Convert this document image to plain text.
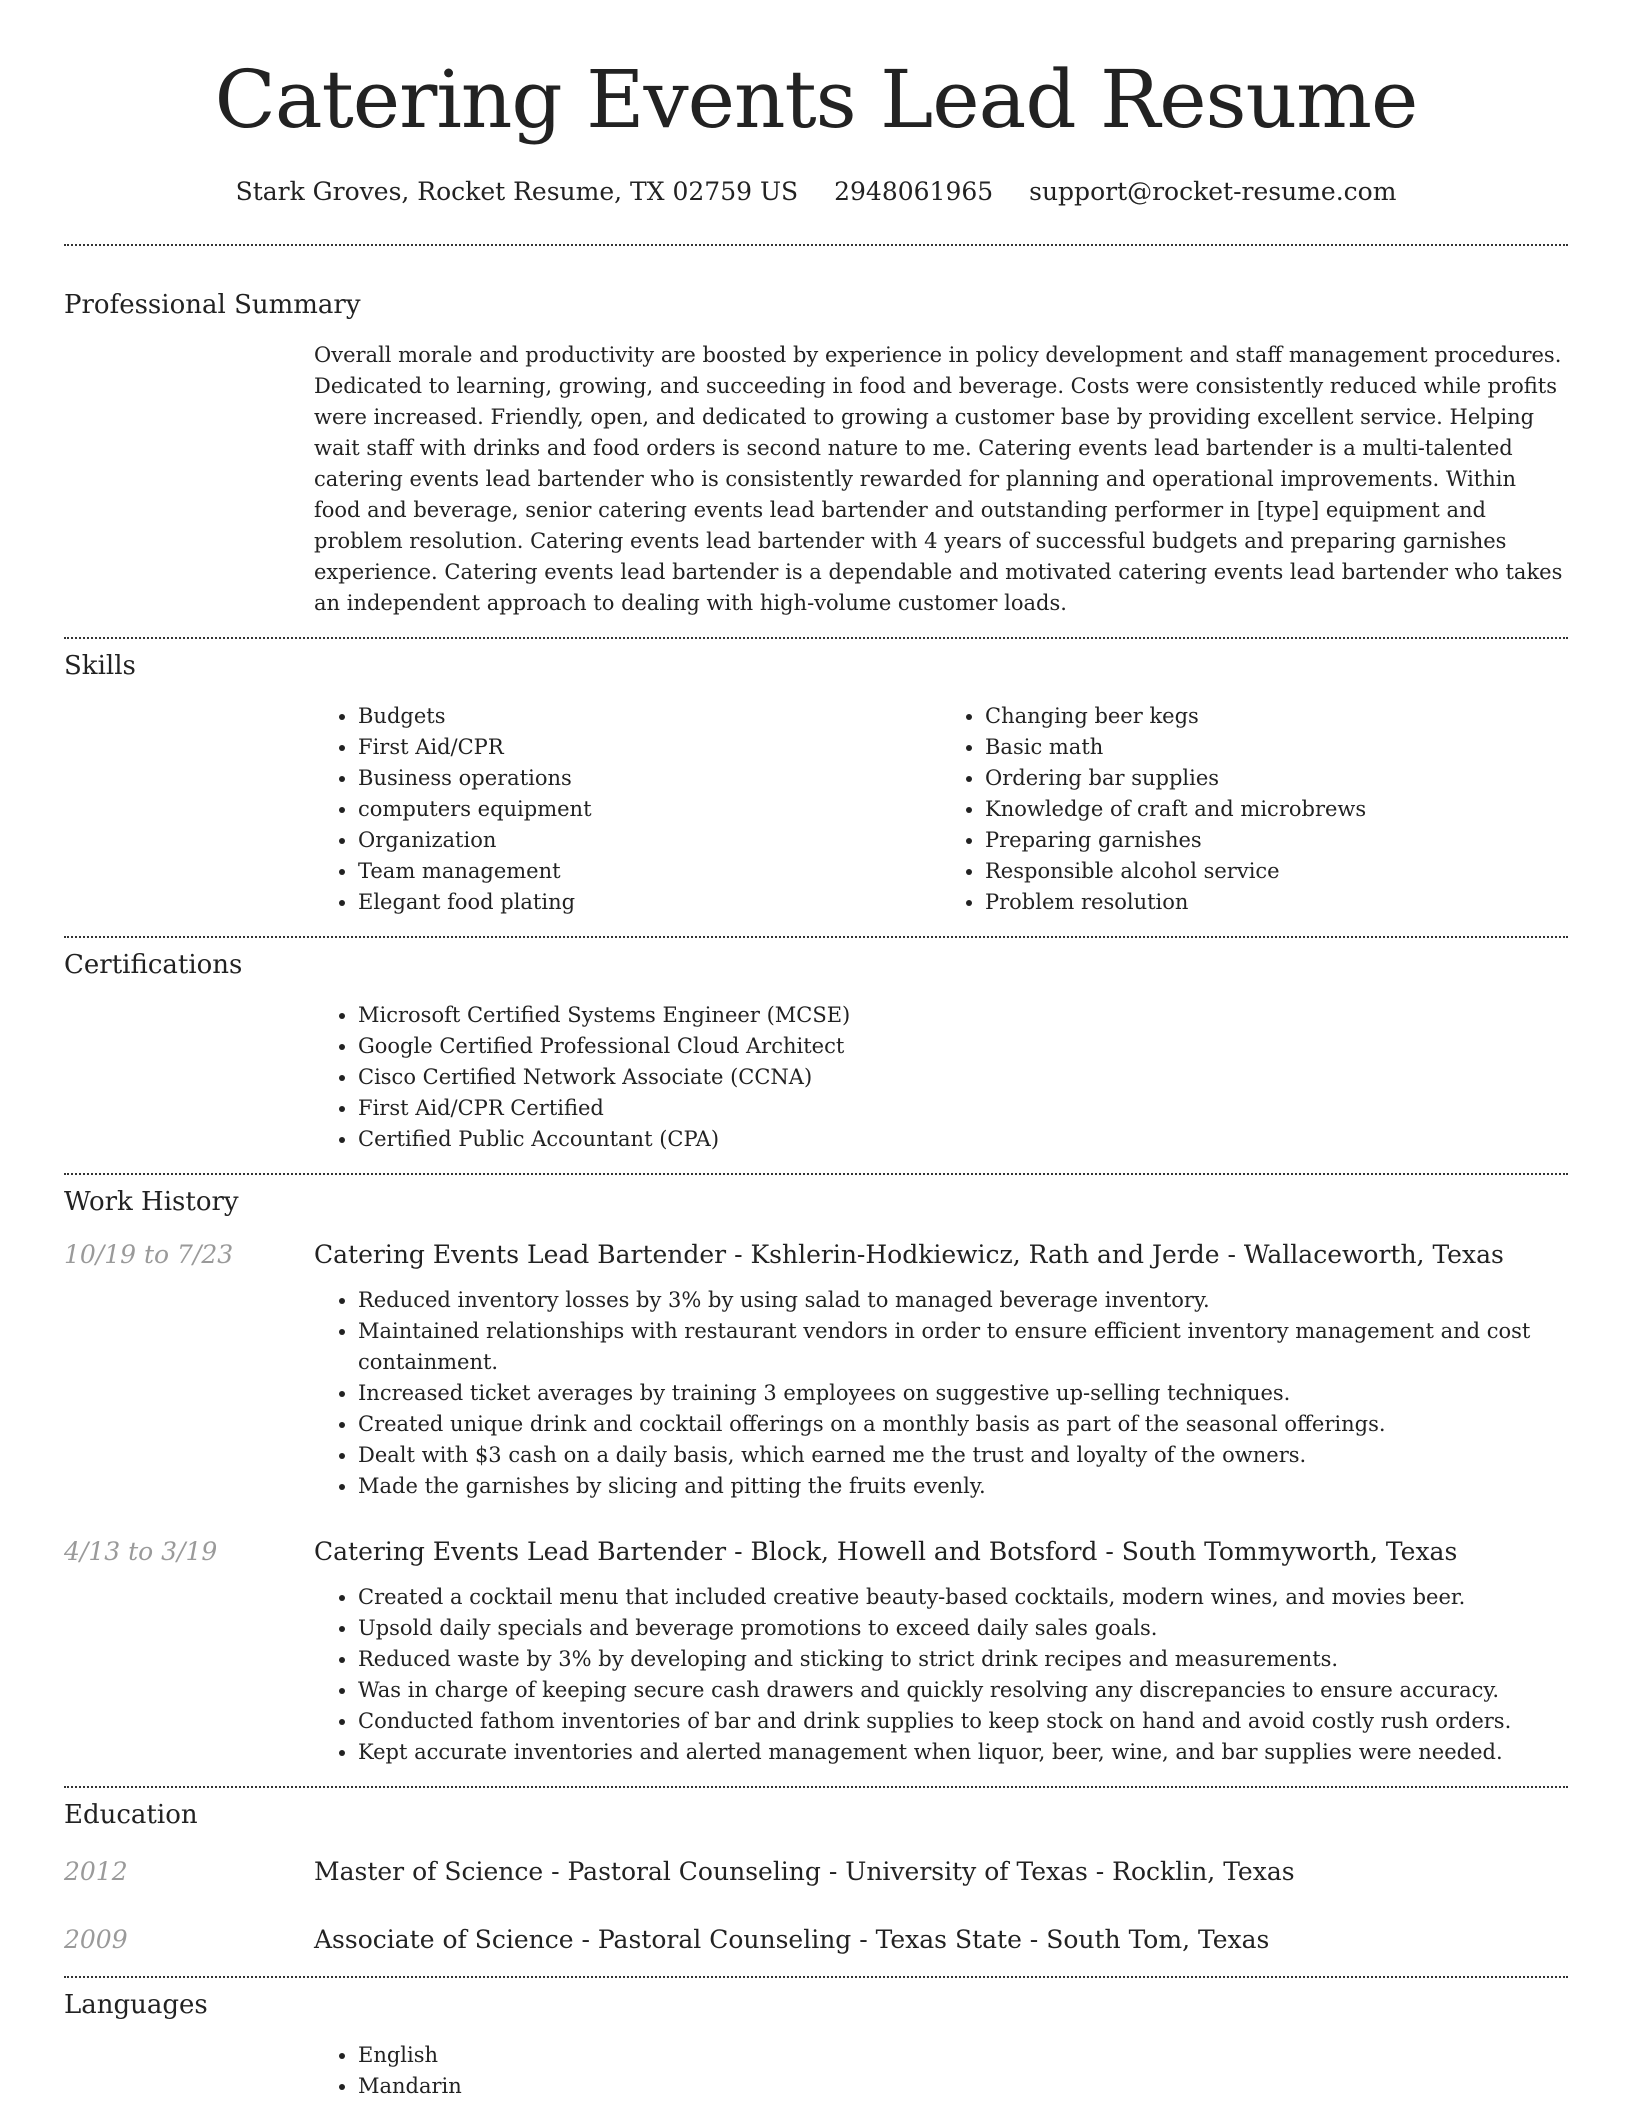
Catering Events Lead Resume
Stark Groves, Rocket Resume, TX 02759 US 2948061965 support@rocket-resume.com
Professional Summary
Overall morale and productivity are boosted by experience in policy development and staff management procedures. Dedicated to learning, growing, and succeeding in food and beverage. Costs were consistently reduced while profits were increased. Friendly, open, and dedicated to growing a customer base by providing excellent service. Helping wait staff with drinks and food orders is second nature to me. Catering events lead bartender is a multi-talented catering events lead bartender who is consistently rewarded for planning and operational improvements. Within food and beverage, senior catering events lead bartender and outstanding performer in [type] equipment and problem resolution. Catering events lead bartender with 4 years of successful budgets and preparing garnishes experience. Catering events lead bartender is a dependable and motivated catering events lead bartender who takes an independent approach to dealing with high-volume customer loads.
Skills
• Budgets
• First Aid/CPR
• Business operations
• computers equipment
• Organization
• Team management
• Elegant food plating
• Changing beer kegs
• Basic math
• Ordering bar supplies
• Knowledge of craft and microbrews
• Preparing garnishes
• Responsible alcohol service
• Problem resolution
Certifications
• Microsoft Certified Systems Engineer (MCSE)
• Google Certified Professional Cloud Architect
• Cisco Certified Network Associate (CCNA)
• First Aid/CPR Certified
• Certified Public Accountant (CPA)
Work History
10/19 to 7/23	Catering Events Lead Bartender - Kshlerin-Hodkiewicz, Rath and Jerde - Wallaceworth, Texas
• Reduced inventory losses by 3% by using salad to managed beverage inventory.
• Maintained relationships with restaurant vendors in order to ensure efficient inventory management and cost containment.
• Increased ticket averages by training 3 employees on suggestive up-selling techniques.
• Created unique drink and cocktail offerings on a monthly basis as part of the seasonal offerings.
• Dealt with $3 cash on a daily basis, which earned me the trust and loyalty of the owners.
• Made the garnishes by slicing and pitting the fruits evenly.
4/13 to 3/19	Catering Events Lead Bartender - Block, Howell and Botsford - South Tommyworth, Texas
• Created a cocktail menu that included creative beauty-based cocktails, modern wines, and movies beer.
• Upsold daily specials and beverage promotions to exceed daily sales goals.
• Reduced waste by 3% by developing and sticking to strict drink recipes and measurements.
• Was in charge of keeping secure cash drawers and quickly resolving any discrepancies to ensure accuracy.
• Conducted fathom inventories of bar and drink supplies to keep stock on hand and avoid costly rush orders.
• Kept accurate inventories and alerted management when liquor, beer, wine, and bar supplies were needed.
Education
2012	Master of Science - Pastoral Counseling - University of Texas - Rocklin, Texas
2009	Associate of Science - Pastoral Counseling - Texas State - South Tom, Texas
Languages
• English
• Mandarin
